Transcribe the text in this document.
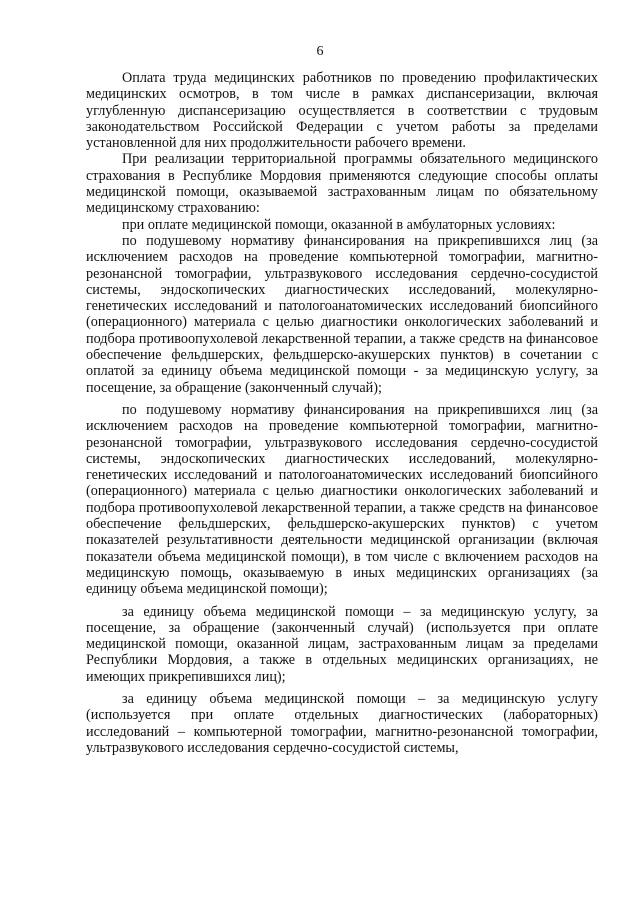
6

Оплата труда медицинских работников по проведению профилактических медицинских осмотров, в том числе в рамках диспансеризации, включая углубленную диспансеризацию осуществляется в соответствии с трудовым законодательством Российской Федерации с учетом работы за пределами установленной для них продолжительности рабочего времени.

При реализации территориальной программы обязательного медицинского страхования в Республике Мордовия применяются следующие способы оплаты медицинской помощи, оказываемой застрахованным лицам по обязательному медицинскому страхованию:

при оплате медицинской помощи, оказанной в амбулаторных условиях:

по подушевому нормативу финансирования на прикрепившихся лиц (за исключением расходов на проведение компьютерной томографии, магнитно-резонансной томографии, ультразвукового исследования сердечно-сосудистой системы, эндоскопических диагностических исследований, молекулярно-генетических исследований и патологоанатомических исследований биопсийного (операционного) материала с целью диагностики онкологических заболеваний и подбора противоопухолевой лекарственной терапии, а также средств на финансовое обеспечение фельдшерских, фельдшерско-акушерских пунктов) в сочетании с оплатой за единицу объема медицинской помощи - за медицинскую услугу, за посещение, за обращение (законченный случай);

по подушевому нормативу финансирования на прикрепившихся лиц (за исключением расходов на проведение компьютерной томографии, магнитно-резонансной томографии, ультразвукового исследования сердечно-сосудистой системы, эндоскопических диагностических исследований, молекулярно-генетических исследований и патологоанатомических исследований биопсийного (операционного) материала с целью диагностики онкологических заболеваний и подбора противоопухолевой лекарственной терапии, а также средств на финансовое обеспечение фельдшерских, фельдшерско-акушерских пунктов) с учетом показателей результативности деятельности медицинской организации (включая показатели объема медицинской помощи), в том числе с включением расходов на медицинскую помощь, оказываемую в иных медицинских организациях (за единицу объема медицинской помощи);

за единицу объема медицинской помощи – за медицинскую услугу, за посещение, за обращение (законченный случай) (используется при оплате медицинской помощи, оказанной лицам, застрахованным лицам за пределами Республики Мордовия, а также в отдельных медицинских организациях, не имеющих прикрепившихся лиц);

за единицу объема медицинской помощи – за медицинскую услугу (используется при оплате отдельных диагностических (лабораторных) исследований – компьютерной томографии, магнитно-резонансной томографии, ультразвукового исследования сердечно-сосудистой системы,
